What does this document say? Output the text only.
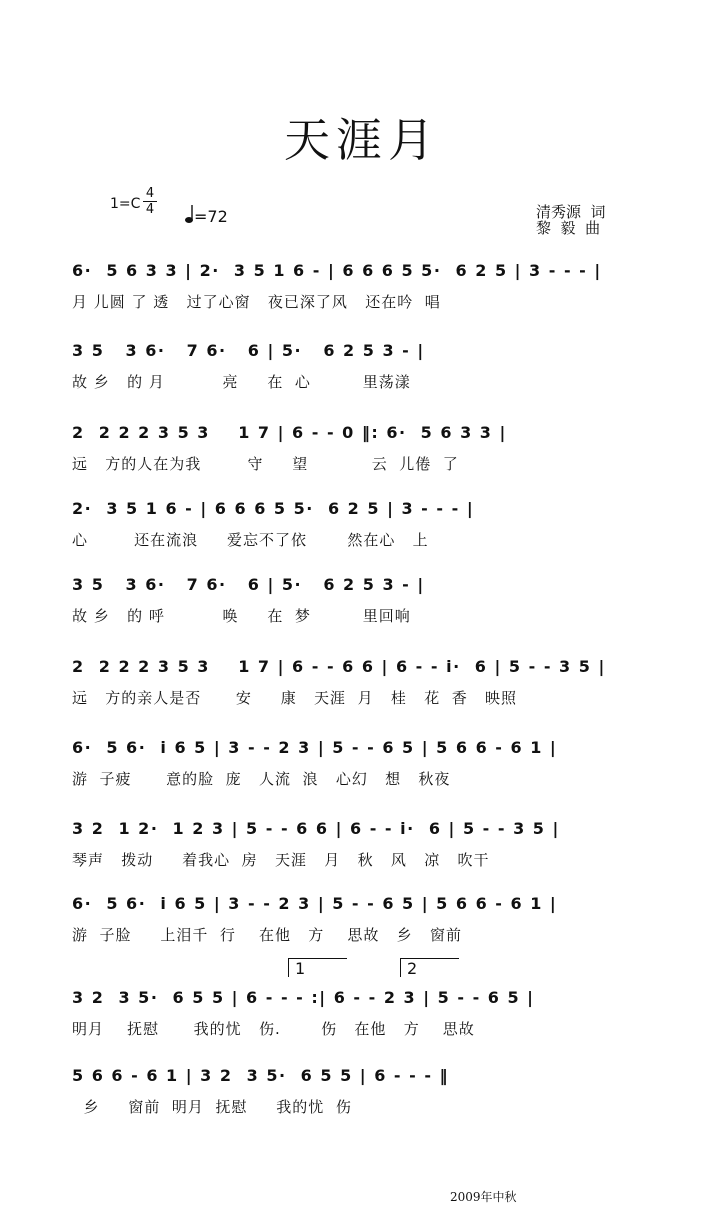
天涯月
1=C
4
4	=72	清秀源  词
黎  毅  曲
6·  5 6 3 3 | 2·  3 5 1 6 - | 6 6 6 5 5·  6 2 5 | 3 - - - |
月 儿圆 了 透   过了心窗   夜已深了风   还在吟  唱
3 5   3 6·   7 6·   6 | 5·   6 2 5 3 - |
故 乡   的 月          亮     在  心         里荡漾
2  2 2 2 3 5 3    1 7 | 6 - - 0 ‖: 6·  5 6 3 3 |
远   方的人在为我        守     望           云  儿倦  了
2·  3 5 1 6 - | 6 6 6 5 5·  6 2 5 | 3 - - - |
心        还在流浪     爱忘不了依       然在心   上
3 5   3 6·   7 6·   6 | 5·   6 2 5 3 - |
故 乡   的 呼          唤     在  梦         里回响
2  2 2 2 3 5 3    1 7 | 6 - - 6 6 | 6 - - i·  6 | 5 - - 3 5 |
远   方的亲人是否      安     康   天涯  月   桂   花  香   映照
6·  5 6·  i 6 5 | 3 - - 2 3 | 5 - - 6 5 | 5 6 6 - 6 1 |
游  子疲      意的脸  庞   人流  浪   心幻   想   秋夜
3 2  1 2·  1 2 3 | 5 - - 6 6 | 6 - - i·  6 | 5 - - 3 5 |
琴声   拨动     着我心  房   天涯   月   秋   风   凉   吹干
6·  5 6·  i 6 5 | 3 - - 2 3 | 5 - - 6 5 | 5 6 6 - 6 1 |
游  子脸     上泪千  行    在他   方    思故   乡   窗前
1	2
3 2  3 5·  6 5 5 | 6 - - - :| 6 - - 2 3 | 5 - - 6 5 |
明月    抚慰      我的忧   伤.       伤   在他   方    思故
5 6 6 - 6 1 | 3 2  3 5·  6 5 5 | 6 - - - ‖
乡     窗前  明月  抚慰     我的忧  伤
2009年中秋
